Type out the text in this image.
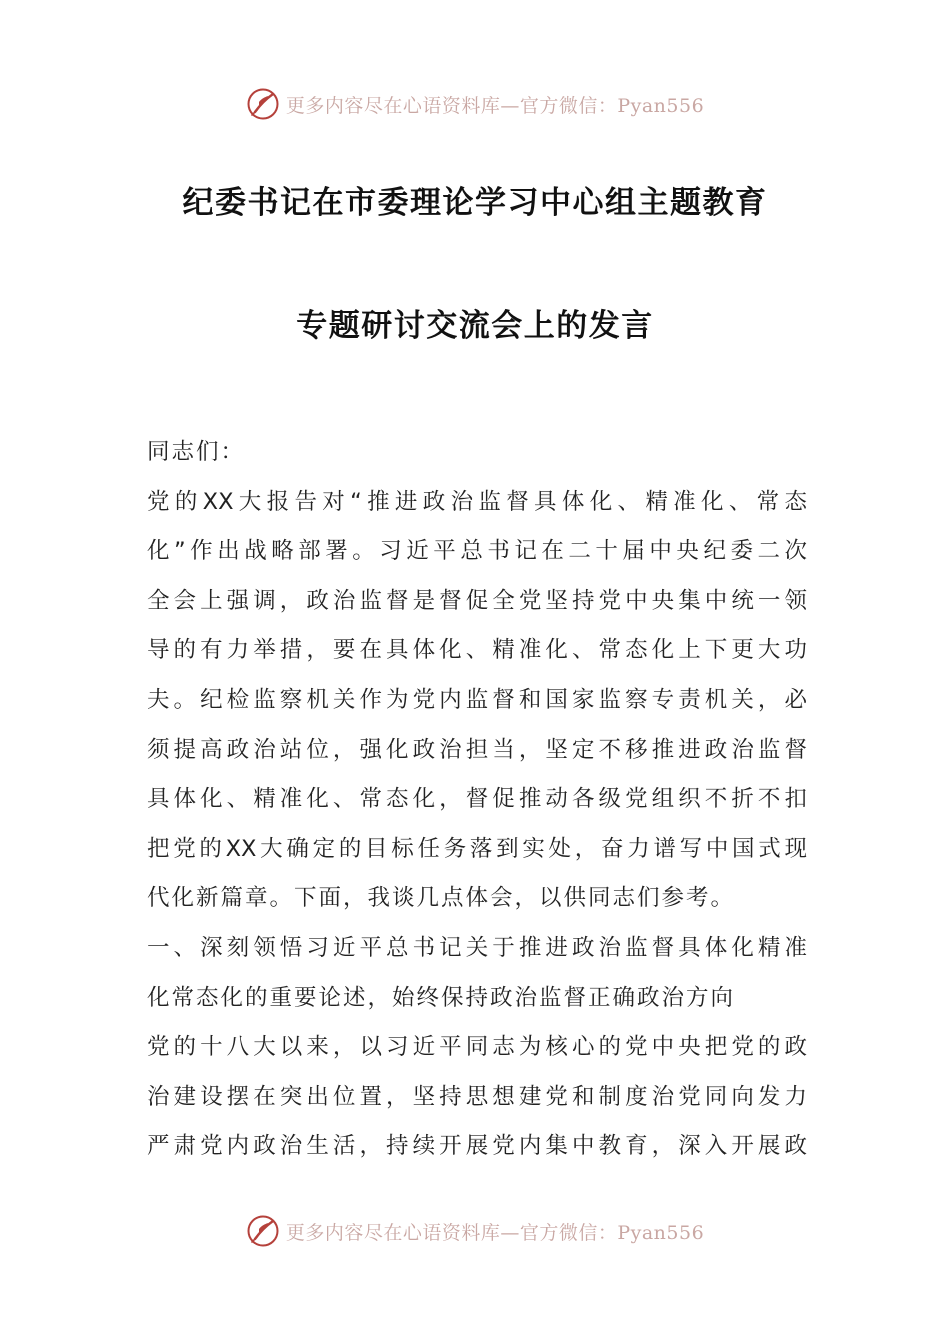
更多内容尽在心语资料库—官方微信：Pyan556
纪委书记在市委理论学习中心组主题教育
专题研讨交流会上的发言
同志们：
党的XX大报告对“推进政治监督具体化、精准化、常态
化”作出战略部署。习近平总书记在二十届中央纪委二次
全会上强调，政治监督是督促全党坚持党中央集中统一领
导的有力举措，要在具体化、精准化、常态化上下更大功
夫。纪检监察机关作为党内监督和国家监察专责机关，必
须提高政治站位，强化政治担当，坚定不移推进政治监督
具体化、精准化、常态化，督促推动各级党组织不折不扣
把党的XX大确定的目标任务落到实处，奋力谱写中国式现
代化新篇章。下面，我谈几点体会，以供同志们参考。
一、深刻领悟习近平总书记关于推进政治监督具体化精准
化常态化的重要论述，始终保持政治监督正确政治方向
党的十八大以来，以习近平同志为核心的党中央把党的政
治建设摆在突出位置，坚持思想建党和制度治党同向发力
严肃党内政治生活，持续开展党内集中教育，深入开展政
更多内容尽在心语资料库—官方微信：Pyan556
